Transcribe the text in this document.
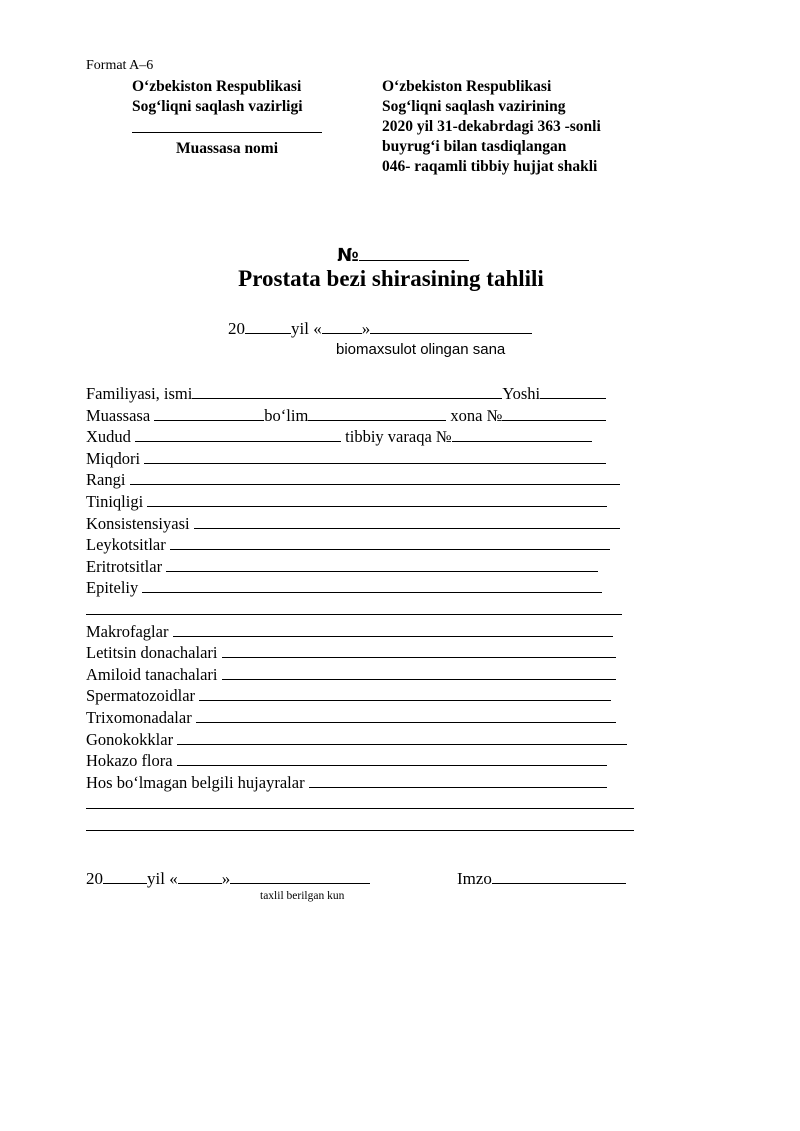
Format A–6
O‘zbekiston Respublikasi
Sog‘liqni saqlash vazirligi
Muassasa nomi
O‘zbekiston Respublikasi
Sog‘liqni saqlash vazirining
2020 yil 31-dekabrdagi 363 -sonli
buyrug‘i bilan tasdiqlangan
046- raqamli tibbiy hujjat shakli
№
Prostata bezi shirasining tahlili
20	yil « »
biomaxsulot olingan sana
Familiyasi, ismi	Yoshi
Muassasa	bo‘lim	xona №
Xudud	tibbiy varaqa №
Miqdori
Rangi
Tiniqligi
Konsistensiyasi
Leykotsitlar
Eritrotsitlar
Epiteliy
Makrofaglar
Letitsin donachalari
Amiloid tanachalari
Spermatozoidlar
Trixomonadalar
Gonokokklar
Hokazo flora
Hos bo‘lmagan belgili hujayralar
20	yil «	»
taxlil berilgan kun
Imzo
